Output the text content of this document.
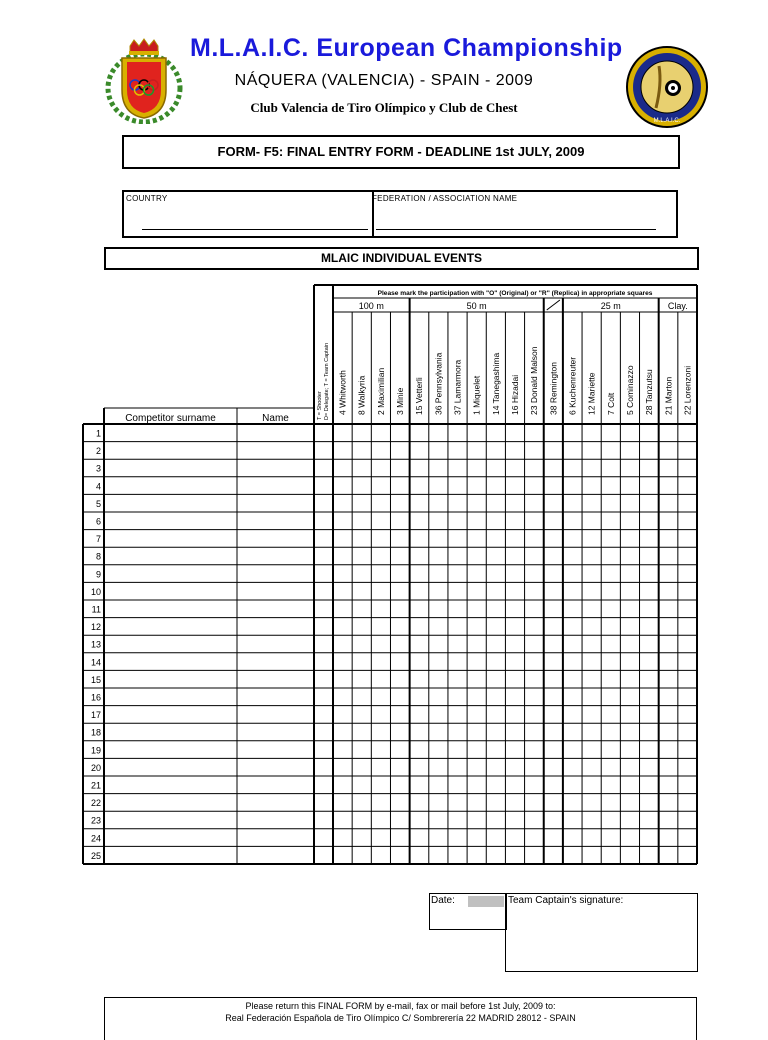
M.L.A.I.C. European Championship
M.L.A.I.C.
NÁQUERA (VALENCIA) - SPAIN - 2009
Club Valencia de Tiro Olímpico y Club de Chest
FORM- F5: FINAL ENTRY FORM - DEADLINE 1st JULY, 2009
COUNTRY	FEDERATION / ASSOCIATION NAME
MLAIC INDIVIDUAL EVENTS
Please mark the participation with "O" (Original) or "R" (Replica) in appropriate squares
100 m	50 m	25 m	Clay.
4 Whitworth 8 Walkyria 2 Maximilian 3 Minie 15 Vetterli 36 Pennsylvania 37 Lamarmora 1 Miquelet 14 Tanegashima 16 Hizadai 23 Donald Malson 38 Remington 6 Kuchenreuter 12 Mariette 7 Colt 5 Cominazzo 28 Tanzutsu 21 Marton 22 Lorenzoni
T = Shooter D= Delegate; T = Team Captain
Competitor surname	Name
1
2
3
4
5
6
7
8
9
10
11
12
13
14
15
16
17
18
19
20
21
22
23
24
25
Date:	Team Captain's signature:
Please return this FINAL FORM by e-mail, fax or mail before 1st July, 2009 to:
Real Federación Española de Tiro Olímpico C/ Sombrerería 22 MADRID 28012 - SPAIN
